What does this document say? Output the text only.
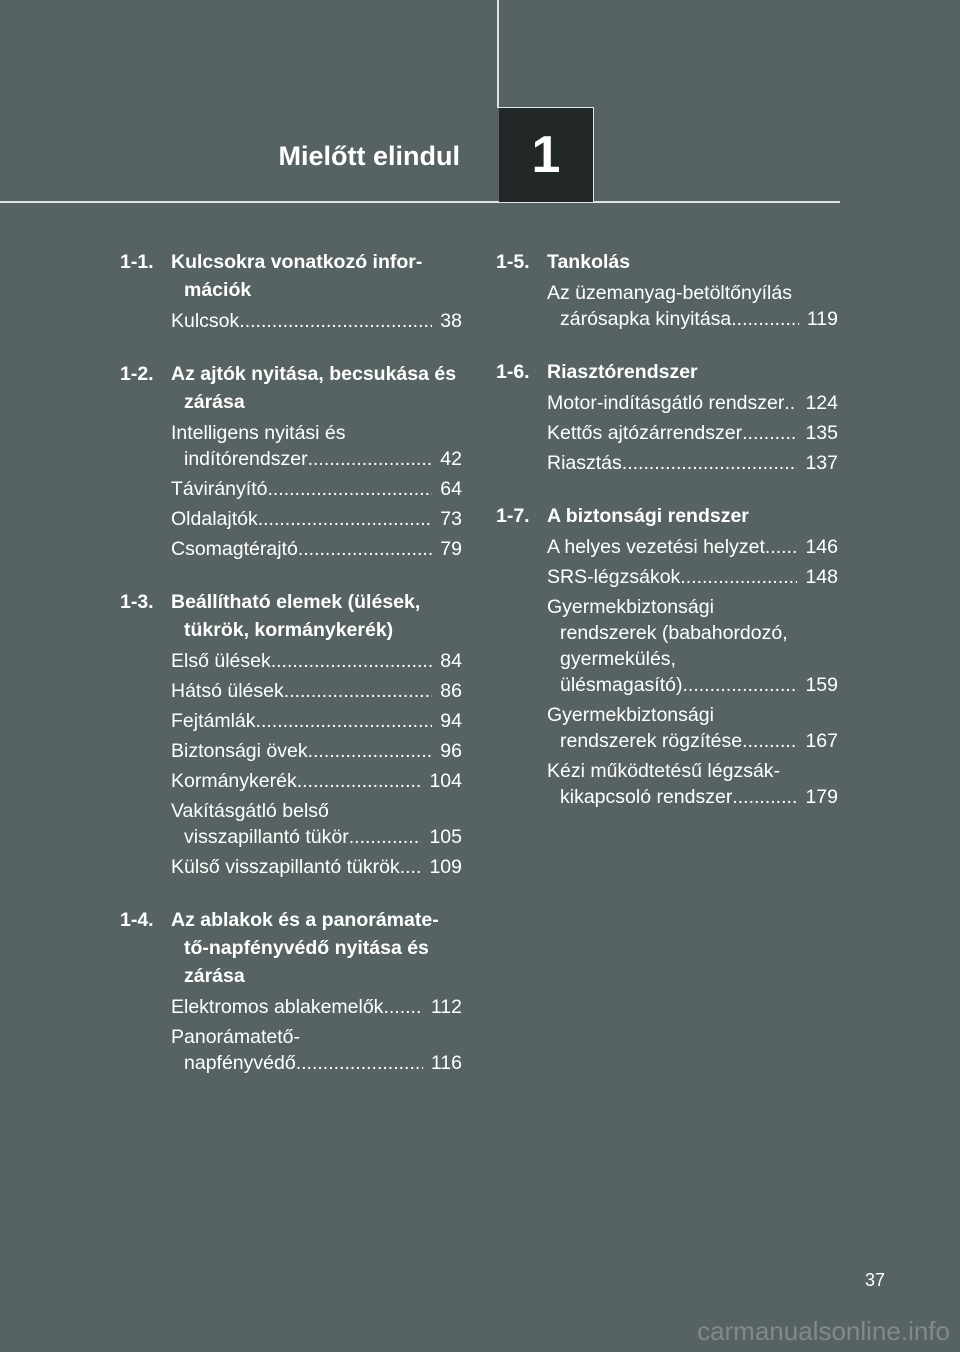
Mielőtt elindul	1
1-1. Kulcsokra vonatkozó infor-
mációk
Kulcsok .....	38
1-2. Az ajtók nyitása, becsukása és zárása
Intelligens nyitási és indítórendszer .....	42
Távirányító .....	64
Oldalajtók .....	73
Csomagtérajtó .....	79
1-3. Beállítható elemek (ülések, tükrök, kormánykerék)
Első ülések .....	84
Hátsó ülések .....	86
Fejtámlák .....	94
Biztonsági övek .....	96
Kormánykerék .....	104
Vakításgátló belső visszapillantó tükör .....	105
Külső visszapillantó tükrök .....	109
1-4. Az ablakok és a panorámate-
tő-napfényvédő nyitása és zárása
Elektromos ablakemelők .....	112
Panorámatető-
napfényvédő .....	116
1-5. Tankolás
Az üzemanyag-betöltőnyílás zárósapka kinyitása .....	119
1-6. Riasztórendszer
Motor-indításgátló rendszer .....	124
Kettős ajtózárrendszer .....	135
Riasztás .....	137
1-7. A biztonsági rendszer
A helyes vezetési helyzet .....	146
SRS-légzsákok .....	148
Gyermekbiztonsági rendszerek (babahordozó, gyermekülés, ülésmagasító) .....	159
Gyermekbiztonsági rendszerek rögzítése .....	167
Kézi működtetésű légzsák-
kikapcsoló rendszer .....	179
37
carmanualsonline.info
